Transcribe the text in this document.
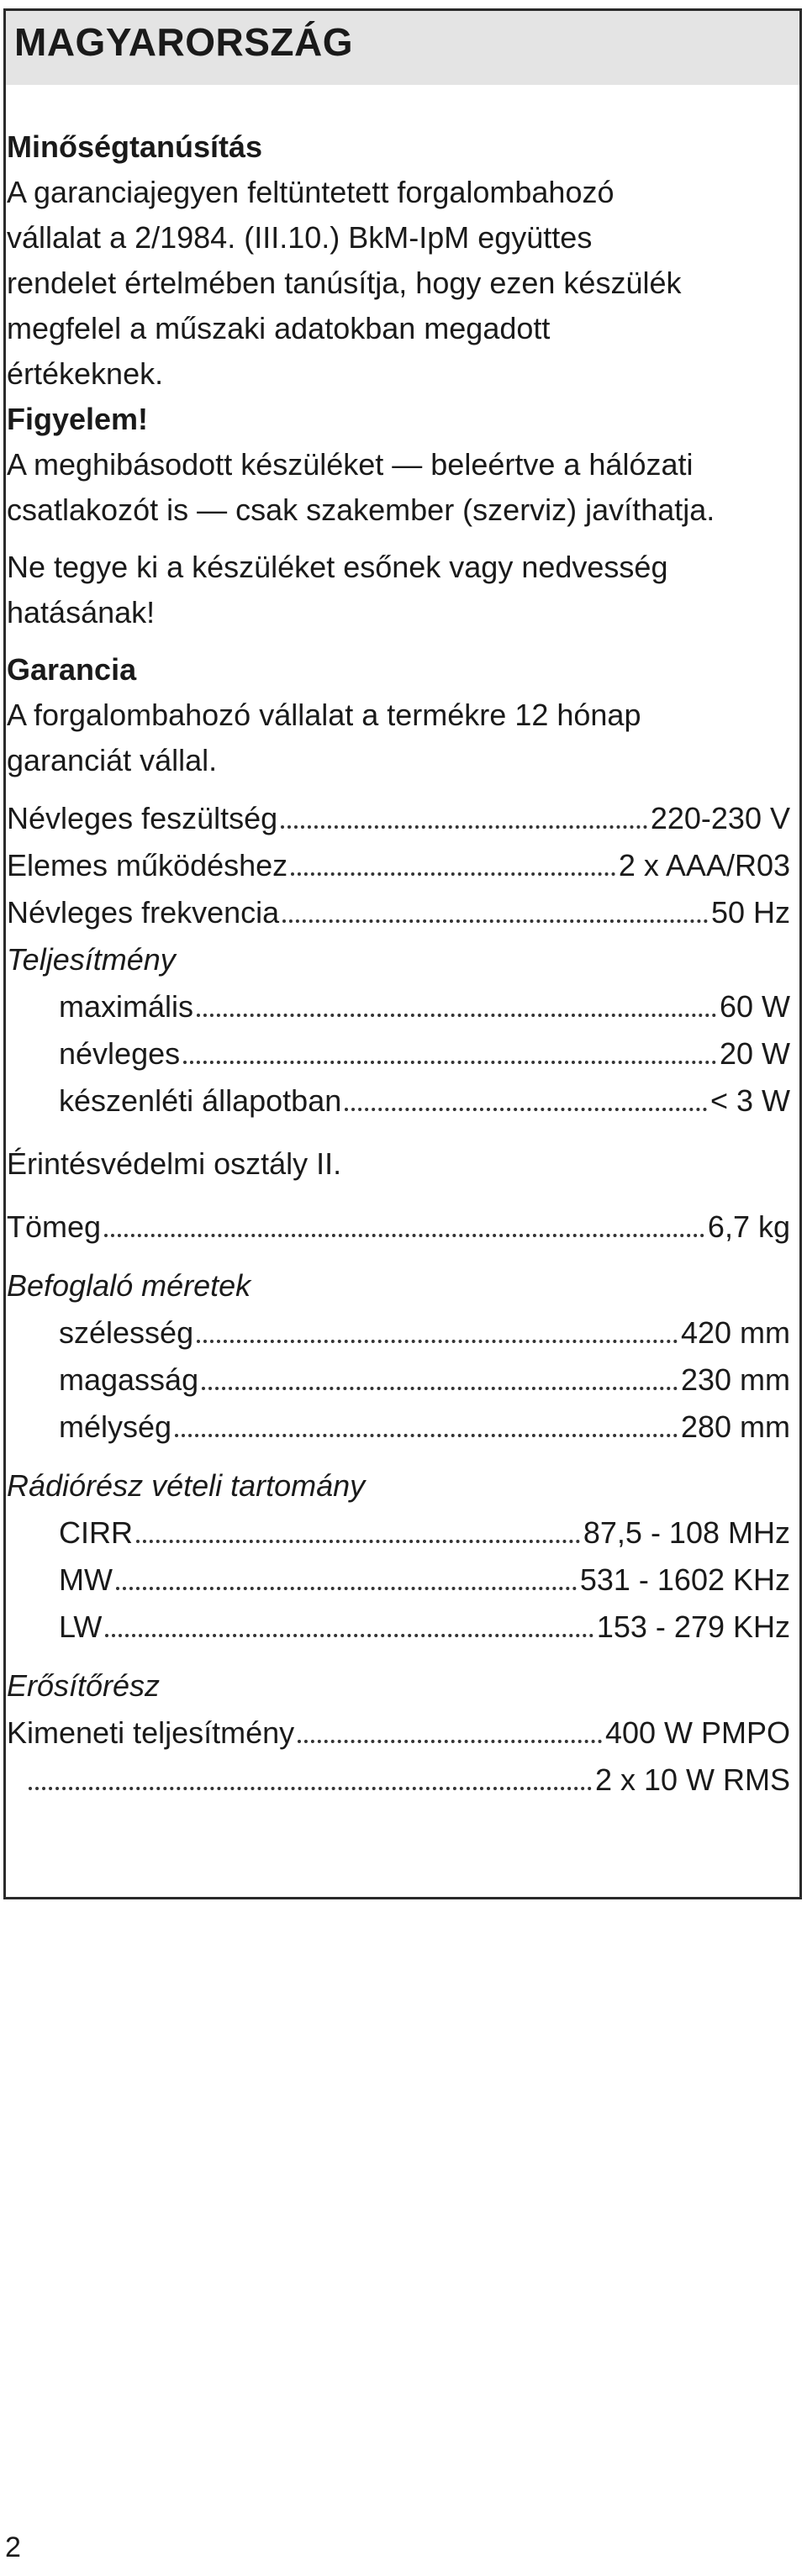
MAGYARORSZÁG
Minőségtanúsítás
A garanciajegyen feltüntetett forgalombahozó
vállalat a 2/1984. (III.10.) BkM-IpM együttes
rendelet értelmében tanúsítja, hogy ezen készülék
megfelel a műszaki adatokban megadott
értékeknek.
Figyelem!
A meghibásodott készüléket — beleértve a hálózati
csatlakozót is — csak szakember (szerviz) javíthatja.
Ne tegye ki a készüléket esőnek vagy nedvesség
hatásának!
Garancia
A forgalombahozó vállalat a termékre 12 hónap
garanciát vállal.
Névleges feszültség	220-230 V
Elemes működéshez	2 x AAA/R03
Névleges frekvencia	50 Hz
Teljesítmény
maximális	60 W
névleges	20 W
készenléti állapotban	< 3 W
Érintésvédelmi osztály II.
Tömeg	6,7 kg
Befoglaló méretek
szélesség	420 mm
magasság	230 mm
mélység	280 mm
Rádiórész vételi tartomány
CIRR	87,5 - 108 MHz
MW	531 - 1602 KHz
LW	153 - 279 KHz
Erősítőrész
Kimeneti teljesítmény	400 W PMPO
2 x 10 W RMS
2
